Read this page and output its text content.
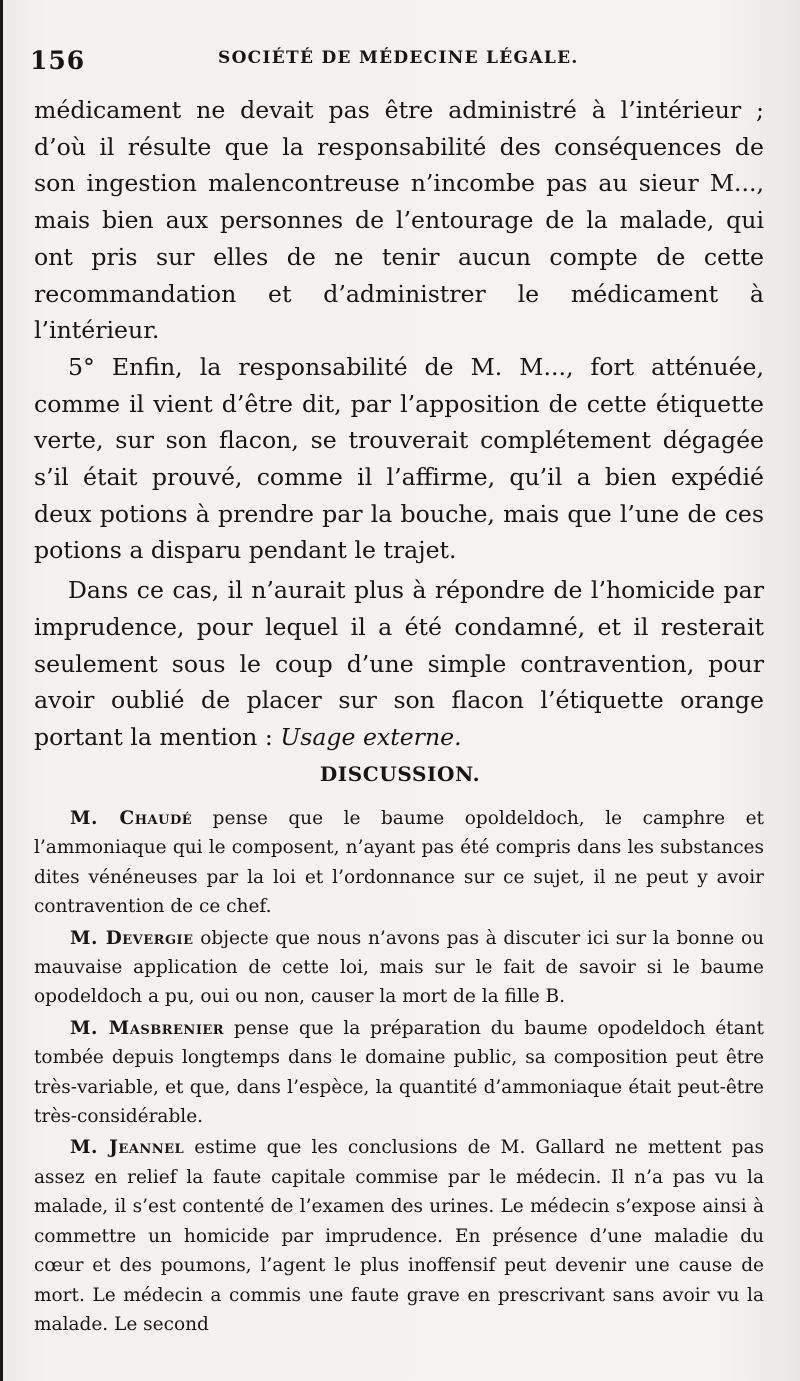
156	SOCIÉTÉ DE MÉDECINE LÉGALE.

médicament ne devait pas être administré à l’intérieur ; d’où il résulte que la responsabilité des conséquences de son ingestion malencontreuse n’incombe pas au sieur M..., mais bien aux personnes de l’entourage de la malade, qui ont pris sur elles de ne tenir aucun compte de cette recommandation et d’administrer le médicament à l’intérieur.

5° Enfin, la responsabilité de M. M..., fort atténuée, comme il vient d’être dit, par l’apposition de cette étiquette verte, sur son flacon, se trouverait complétement dégagée s’il était prouvé, comme il l’affirme, qu’il a bien expédié deux potions à prendre par la bouche, mais que l’une de ces potions a disparu pendant le trajet.

Dans ce cas, il n’aurait plus à répondre de l’homicide par imprudence, pour lequel il a été condamné, et il resterait seulement sous le coup d’une simple contravention, pour avoir oublié de placer sur son flacon l’étiquette orange portant la mention : Usage externe.

DISCUSSION.

M. Chaudé pense que le baume opoldeldoch, le camphre et l’ammoniaque qui le composent, n’ayant pas été compris dans les substances dites vénéneuses par la loi et l’ordonnance sur ce sujet, il ne peut y avoir contravention de ce chef.

M. Devergie objecte que nous n’avons pas à discuter ici sur la bonne ou mauvaise application de cette loi, mais sur le fait de savoir si le baume opodeldoch a pu, oui ou non, causer la mort de la fille B.

M. Masbrenier pense que la préparation du baume opodeldoch étant tombée depuis longtemps dans le domaine public, sa composition peut être très-variable, et que, dans l’espèce, la quantité d’ammoniaque était peut-être très-considérable.

M. Jeannel estime que les conclusions de M. Gallard ne mettent pas assez en relief la faute capitale commise par le médecin. Il n’a pas vu la malade, il s’est contenté de l’examen des urines. Le médecin s’expose ainsi à commettre un homicide par imprudence. En présence d’une maladie du cœur et des poumons, l’agent le plus inoffensif peut devenir une cause de mort. Le médecin a commis une faute grave en prescrivant sans avoir vu la malade. Le second
